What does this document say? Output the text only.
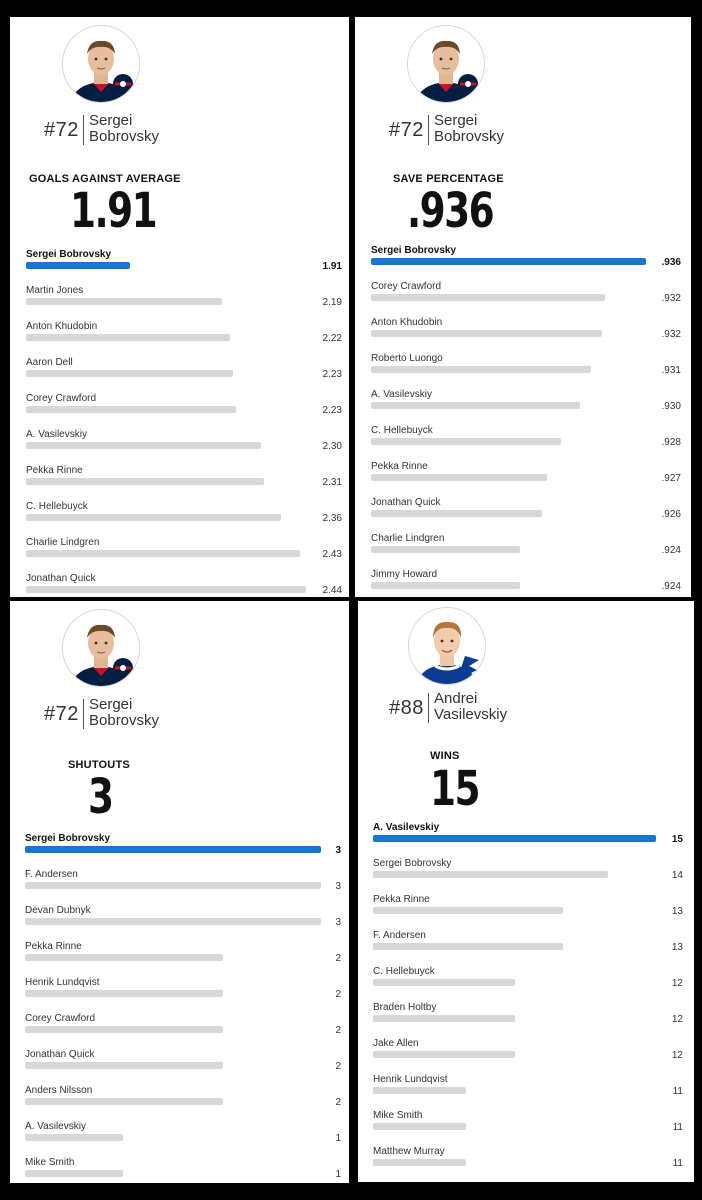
#72 Sergei
Bobrovsky
GOALS AGAINST AVERAGE
1.91
Sergei Bobrovsky
1.91
Martin Jones
2.19
Anton Khudobin
2.22
Aaron Dell
2.23
Corey Crawford
2.23
A. Vasilevskiy
2.30
Pekka Rinne
2.31
C. Hellebuyck
2.36
Charlie Lindgren
2.43
Jonathan Quick
2.44
#72 Sergei
Bobrovsky
SAVE PERCENTAGE
.936
Sergei Bobrovsky
.936
Corey Crawford
.932
Anton Khudobin
.932
Roberto Luongo
.931
A. Vasilevskiy
.930
C. Hellebuyck
.928
Pekka Rinne
.927
Jonathan Quick
.926
Charlie Lindgren
.924
Jimmy Howard
.924
#72 Sergei
Bobrovsky
SHUTOUTS
3
Sergei Bobrovsky
3
F. Andersen
3
Devan Dubnyk
3
Pekka Rinne
2
Henrik Lundqvist
2
Corey Crawford
2
Jonathan Quick
2
Anders Nilsson
2
A. Vasilevskiy
1
Mike Smith
1
#88 Andrei
Vasilevskiy
WINS
15
A. Vasilevskiy
15
Sergei Bobrovsky
14
Pekka Rinne
13
F. Andersen
13
C. Hellebuyck
12
Braden Holtby
12
Jake Allen
12
Henrik Lundqvist
11
Mike Smith
11
Matthew Murray
11
